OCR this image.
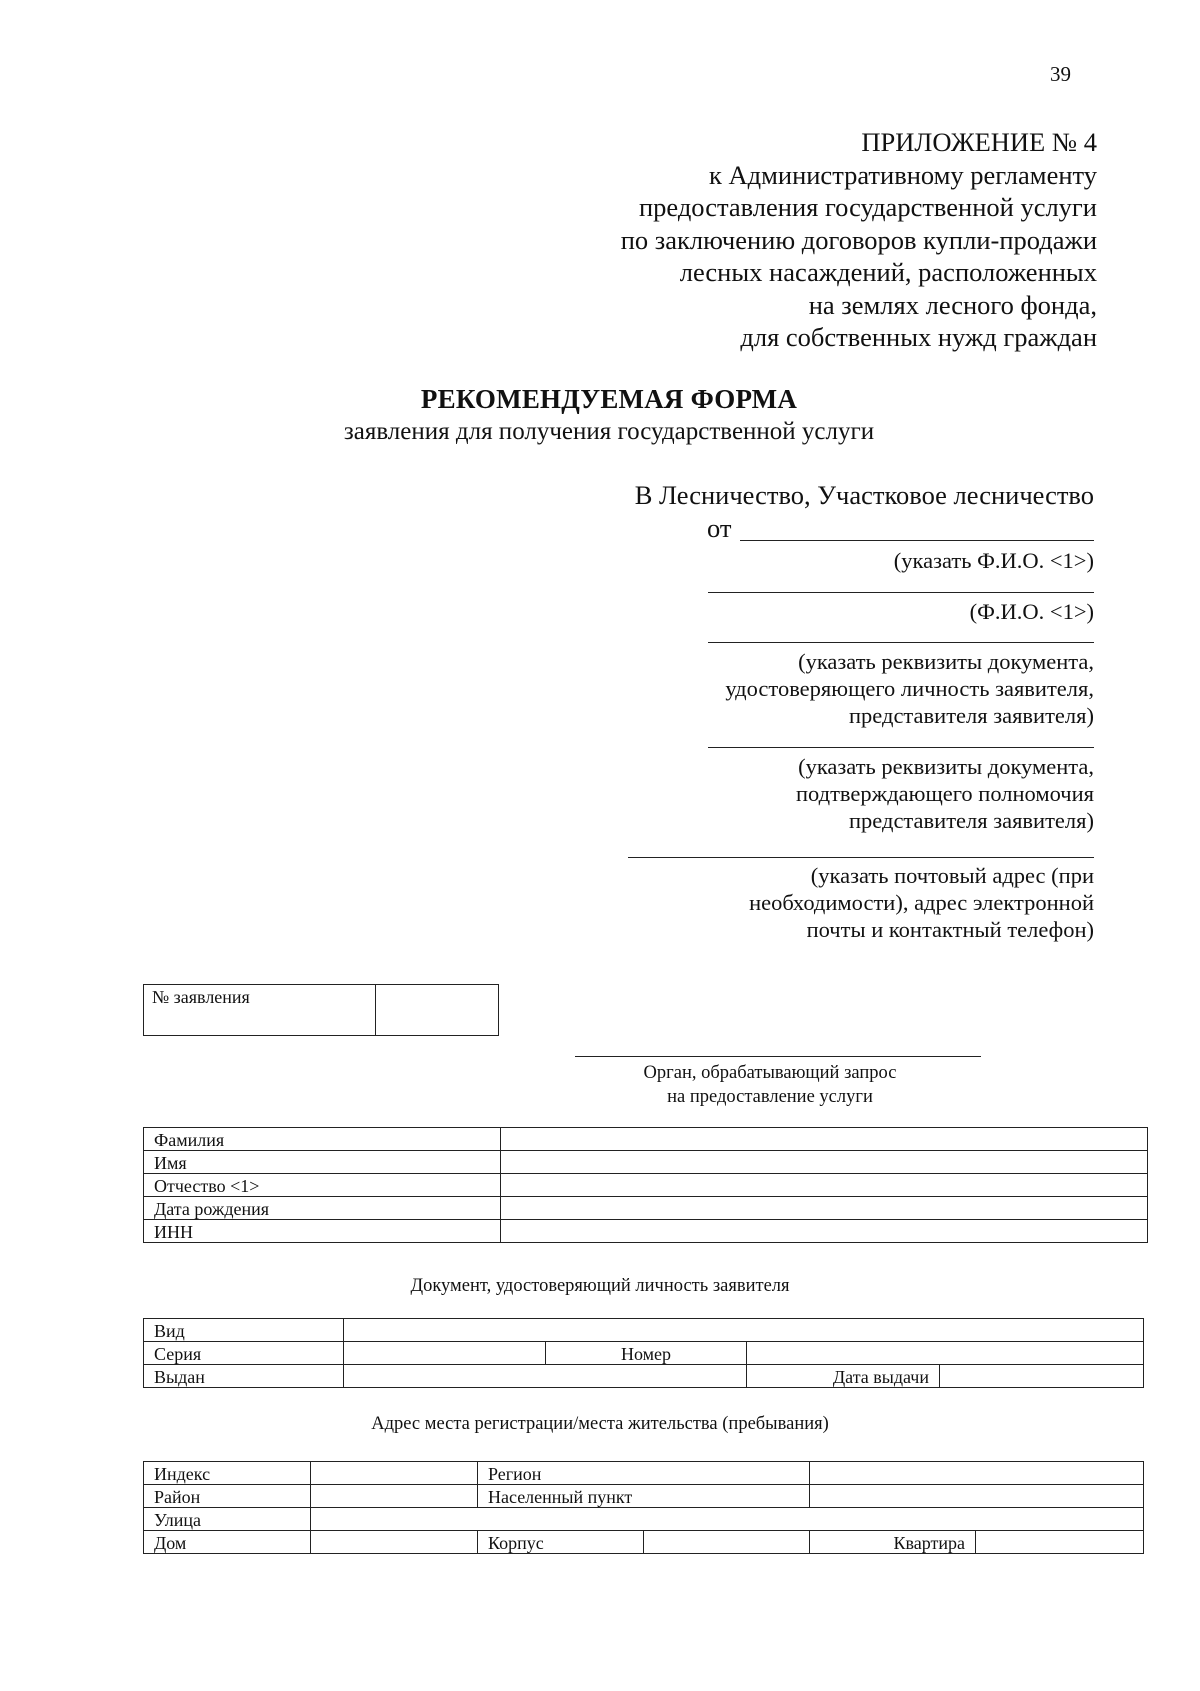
39
ПРИЛОЖЕНИЕ № 4
к Административному регламенту
предоставления государственной услуги
по заключению договоров купли-продажи
лесных насаждений, расположенных
на землях лесного фонда,
для собственных нужд граждан
РЕКОМЕНДУЕМАЯ ФОРМА
заявления для получения государственной услуги
В Лесничество, Участковое лесничество
от
(указать Ф.И.О. <1>)
(Ф.И.О. <1>)
(указать реквизиты документа,
удостоверяющего личность заявителя,
представителя заявителя)
(указать реквизиты документа,
подтверждающего полномочия
представителя заявителя)
(указать почтовый адрес (при
необходимости), адрес электронной
почты и контактный телефон)
№ заявления	
Орган, обрабатывающий запрос
на предоставление услуги
Фамилия	
Имя	
Отчество <1>	
Дата рождения	
ИНН	
Документ, удостоверяющий личность заявителя
Вид				
Серия		Номер		
Выдан			Дата выдачи	
Адрес места регистрации/места жительства (пребывания)
Индекс		Регион			
Район		Населенный пункт			
Улица					
Дом		Корпус		Квартира	
